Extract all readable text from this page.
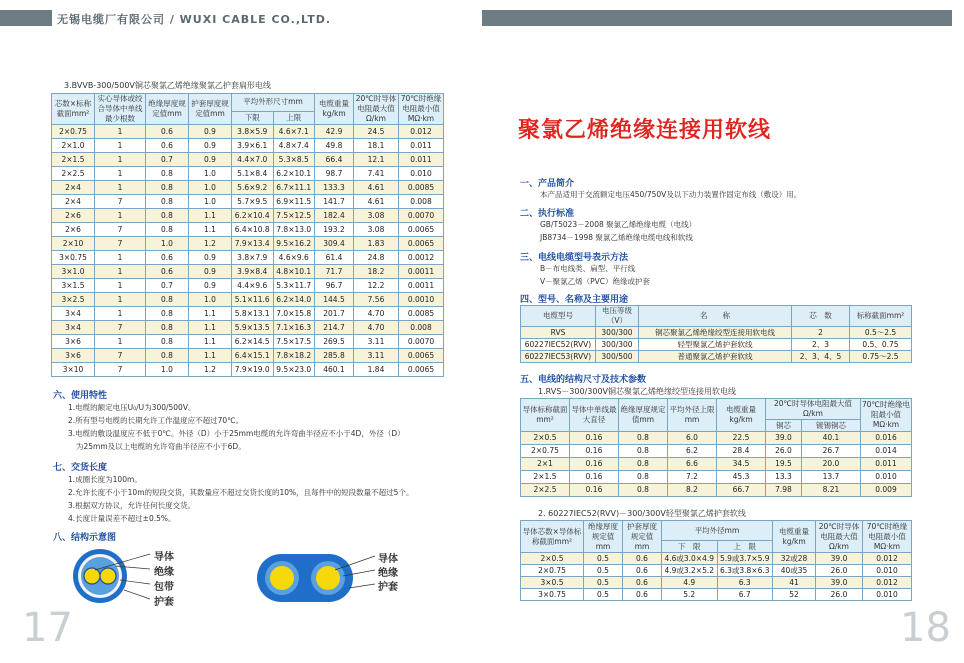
无锡电缆厂有限公司 / WUXI CABLE CO.,LTD.
3.BVVB-300/500V铜芯聚氯乙烯绝缘聚氯乙护套扁形电线
芯数×标称截面mm²	实心导体或绞合导体中单线最少根数	绝缘厚度规定值mm	护套厚度规定值mm	平均外形尺寸mm		电缆重量kg/km	20℃时导体电阻最大值Ω/km	70℃时绝缘电阻最小值MΩ·km
				下限	上限			
2×0.75	1	0.6	0.9	3.8×5.9	4.6×7.1	42.9	24.5	0.012
2×1.0	1	0.6	0.9	3.9×6.1	4.8×7.4	49.8	18.1	0.011
2×1.5	1	0.7	0.9	4.4×7.0	5.3×8.5	66.4	12.1	0.011
2×2.5	1	0.8	1.0	5.1×8.4	6.2×10.1	98.7	7.41	0.010
2×4	1	0.8	1.0	5.6×9.2	6.7×11.1	133.3	4.61	0.0085
2×4	7	0.8	1.0	5.7×9.5	6.9×11.5	141.7	4.61	0.008
2×6	1	0.8	1.1	6.2×10.4	7.5×12.5	182.4	3.08	0.0070
2×6	7	0.8	1.1	6.4×10.8	7.8×13.0	193.2	3.08	0.0065
2×10	7	1.0	1.2	7.9×13.4	9.5×16.2	309.4	1.83	0.0065
3×0.75	1	0.6	0.9	3.8×7.9	4.6×9.6	61.4	24.8	0.0012
3×1.0	1	0.6	0.9	3.9×8.4	4.8×10.1	71.7	18.2	0.0011
3×1.5	1	0.7	0.9	4.4×9.6	5.3×11.7	96.7	12.2	0.0011
3×2.5	1	0.8	1.0	5.1×11.6	6.2×14.0	144.5	7.56	0.0010
3×4	1	0.8	1.1	5.8×13.1	7.0×15.8	201.7	4.70	0.0085
3×4	7	0.8	1.1	5.9×13.5	7.1×16.3	214.7	4.70	0.008
3×6	1	0.8	1.1	6.2×14.5	7.5×17.5	269.5	3.11	0.0070
3×6	7	0.8	1.1	6.4×15.1	7.8×18.2	285.8	3.11	0.0065
3×10	7	1.0	1.2	7.9×19.0	9.5×23.0	460.1	1.84	0.0065
六、使用特性
1.电缆的额定电压U₀/U为300/500V。
2.所有型号电缆的长期允许工作温度应不超过70℃。
3.电缆的敷设温度应不低于0℃。外径（D）小于25mm电缆的允许弯曲半径应不小于4D，外径（D）
为25mm及以上电缆的允许弯曲半径应不小于6D。
七、交货长度
1.成圈长度为100m。
2.允许长度不小于10m的短段交货，其数量应不超过交货长度的10%，且每件中的短段数量不超过5个。
3.根据双方协议，允许任何长度交货。
4.长度计量误差不超过±0.5%。
八、结构示意图
导体
绝缘
包带
护套
导体
绝缘
护套
17
聚氯乙烯绝缘连接用软线
一、产品简介
本产品适用于交流额定电压450/750V及以下动力装置作固定布线（敷设）用。
二、执行标准
GB/T5023－2008 聚氯乙烯绝缘电缆（电线）
JB8734－1998 聚氯乙烯绝缘电缆电线和软线
三、电线电缆型号表示方法
B－布电线类、扁型、平行线
V－聚氯乙烯（PVC）绝缘或护套
四、型号、名称及主要用途
电缆型号	电压等级（V）	名　　称	芯　数	标称截面mm²
RVS	300/300	铜芯聚氯乙烯绝缘绞型连接用软电线	2	0.5～2.5
60227IEC52(RVV)	300/300	轻型聚氯乙烯护套软线	2、3	0.5、0.75
60227IEC53(RVV)	300/500	普通聚氯乙烯护套软线	2、3、4、5	0.75～2.5
五、电线的结构尺寸及技术参数
1.RVS－300/300V铜芯聚氯乙烯绝缘绞型连接用软电线
导体标称截面mm²	导体中单线最大直径	绝缘厚度规定值mm	平均外径上限mm	电缆重量kg/km	20℃时导体电阻最大值Ω/km		70℃时绝缘电阻最小值MΩ·km
					铜芯	镀锡铜芯	
2×0.5	0.16	0.8	6.0	22.5	39.0	40.1	0.016
2×0.75	0.16	0.8	6.2	28.4	26.0	26.7	0.014
2×1	0.16	0.8	6.6	34.5	19.5	20.0	0.011
2×1.5	0.16	0.8	7.2	45.3	13.3	13.7	0.010
2×2.5	0.16	0.8	8.2	66.7	7.98	8.21	0.009
2. 60227IEC52(RVV)－300/300V轻型聚氯乙烯护套软线
导体芯数×导体标称截面mm²	绝缘厚度规定值mm	护套厚度规定值mm	平均外径mm		电缆重量kg/km	20℃时导体电阻最大值Ω/km	70℃时绝缘电阻最小值MΩ·km
			下　限	上　限			
2×0.5	0.5	0.6	4.6或3.0×4.9	5.9或3.7×5.9	32或28	39.0	0.012
2×0.75	0.5	0.6	4.9或3.2×5.2	6.3或3.8×6.3	40或35	26.0	0.010
3×0.5	0.5	0.6	4.9	6.3	41	39.0	0.012
3×0.75	0.5	0.6	5.2	6.7	52	26.0	0.010
18
